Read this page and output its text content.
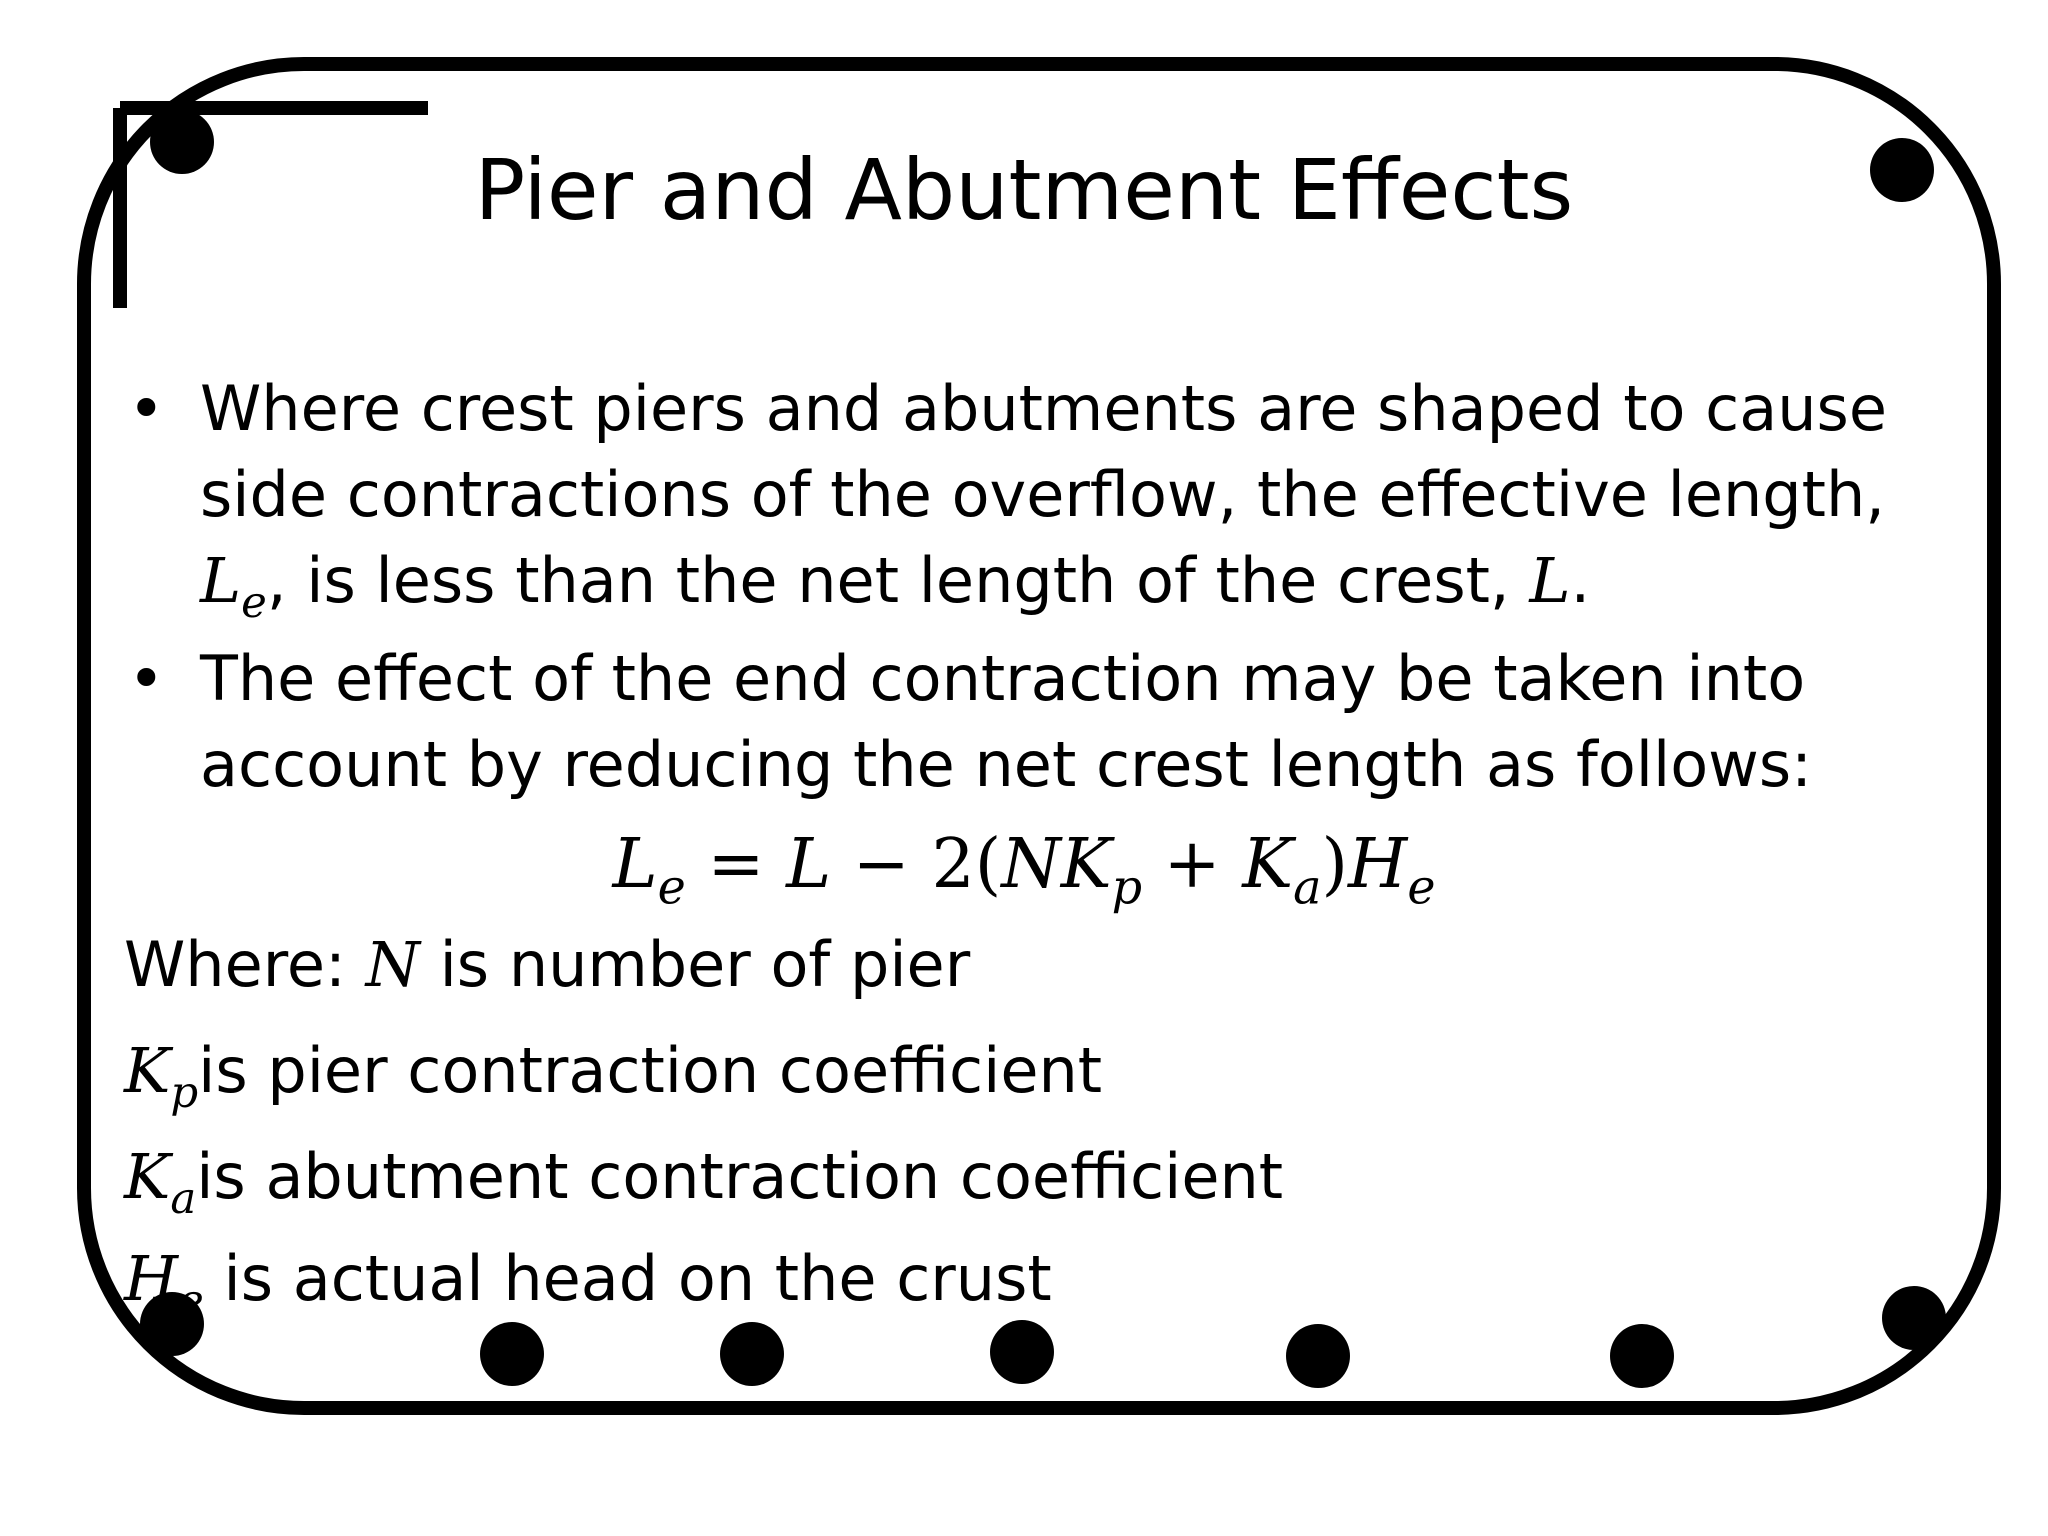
Pier and Abutment Effects
• Where crest piers and abutments are shaped to cause
side contractions of the overflow, the effective length,
$L_e$, is less than the net length of the crest, L.
• The effect of the end contraction may be taken into
account by reducing the net crest length as follows:
$L_e = L - 2(NK_p + K_a)H_e$
Where: N is number of pier
$K_pis$ pier contraction coefficient
$K_ais$ abutment contraction coefficient
$H_e$ is actual head on the crust
